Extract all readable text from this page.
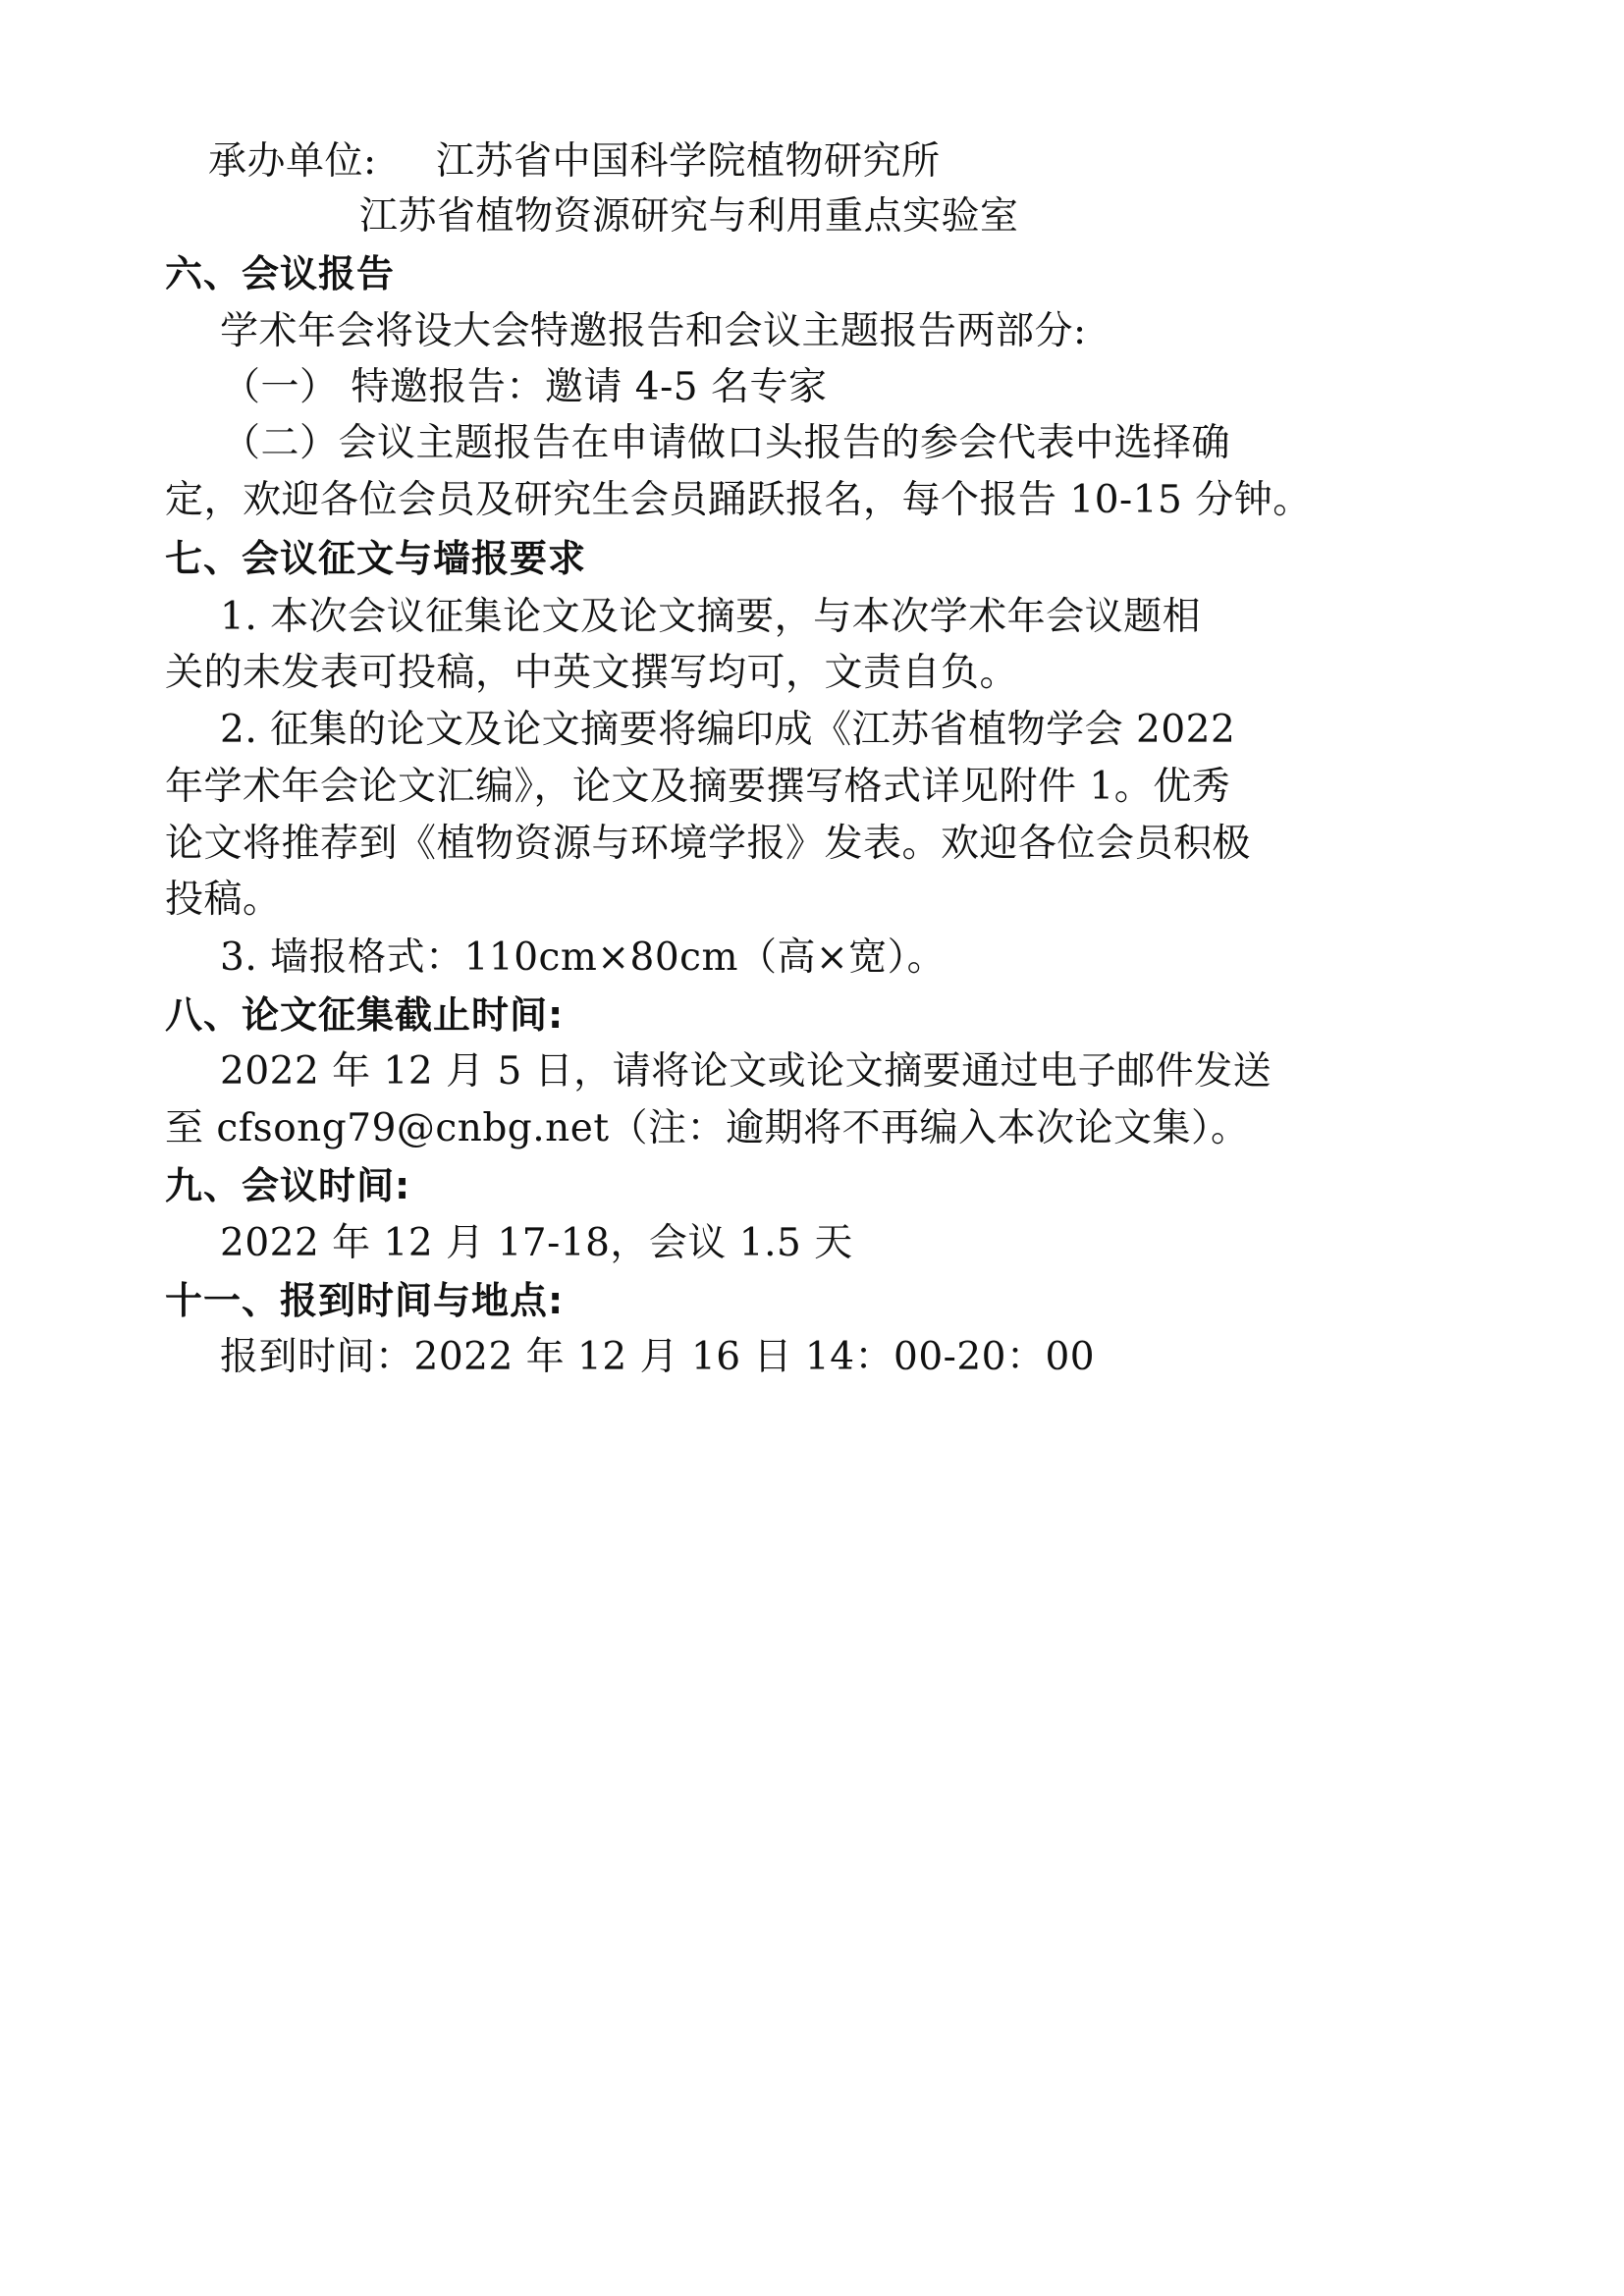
承办单位: 江苏省中国科学院植物研究所
江苏省植物资源研究与利用重点实验室
六、会议报告
学术年会将设大会特邀报告和会议主题报告两部分:
（一） 特邀报告：邀请 4-5 名专家
（二）会议主题报告在申请做口头报告的参会代表中选择确
定，欢迎各位会员及研究生会员踊跃报名，每个报告 10-15 分钟。
七、会议征文与墙报要求
1. 本次会议征集论文及论文摘要，与本次学术年会议题相
关的未发表可投稿，中英文撰写均可，文责自负。
2. 征集的论文及论文摘要将编印成《江苏省植物学会 2022
年学术年会论文汇编》，论文及摘要撰写格式详见附件 1。优秀
论文将推荐到《植物资源与环境学报》发表。欢迎各位会员积极
投稿。
3. 墙报格式：110cm×80cm（高×宽）。
八、论文征集截止时间:
2022 年 12 月 5 日，请将论文或论文摘要通过电子邮件发送
至 cfsong79@cnbg.net（注：逾期将不再编入本次论文集）。
九、会议时间:
2022 年 12 月 17-18，会议 1.5 天
十一、报到时间与地点:
报到时间：2022 年 12 月 16 日 14：00-20：00
